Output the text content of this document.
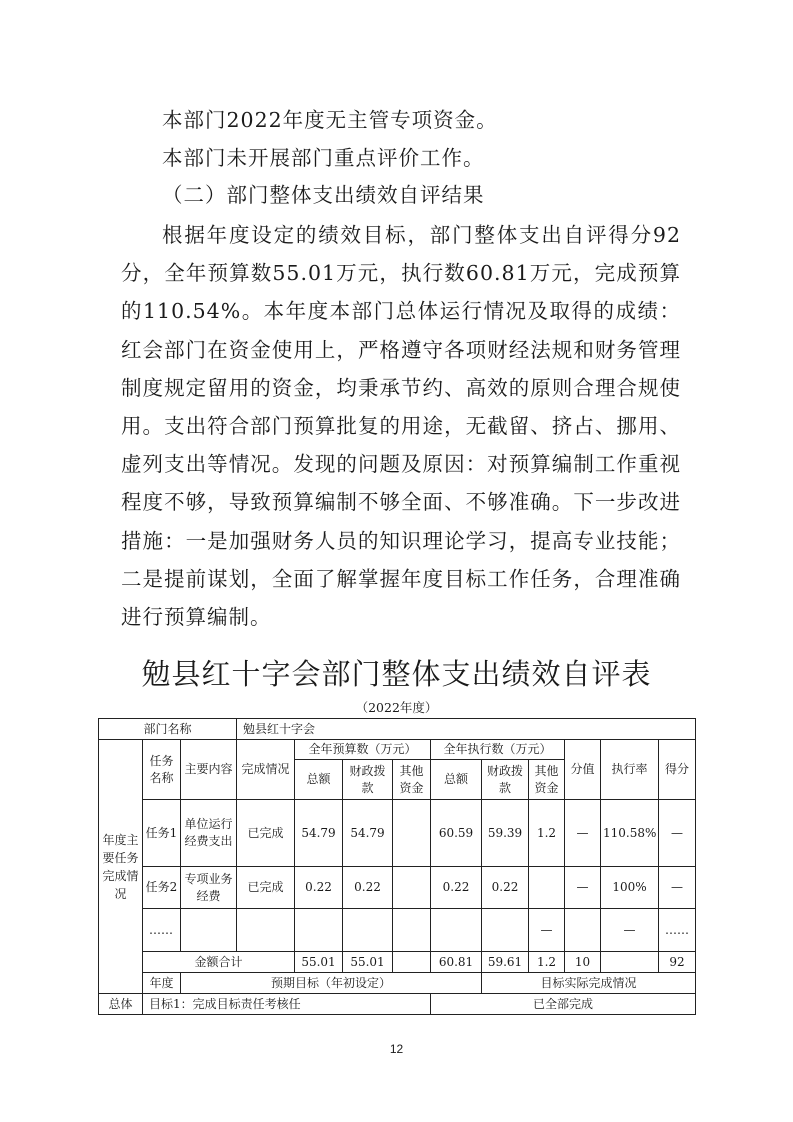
本部门2022年度无主管专项资金。
本部门未开展部门重点评价工作。
（二）部门整体支出绩效自评结果
根据年度设定的绩效目标，部门整体支出自评得分92分，全年预算数55.01万元，执行数60.81万元，完成预算的110.54%。本年度本部门总体运行情况及取得的成绩：红会部门在资金使用上，严格遵守各项财经法规和财务管理制度规定留用的资金，均秉承节约、高效的原则合理合规使用。支出符合部门预算批复的用途，无截留、挤占、挪用、虚列支出等情况。发现的问题及原因：对预算编制工作重视程度不够，导致预算编制不够全面、不够准确。下一步改进措施：一是加强财务人员的知识理论学习，提高专业技能；二是提前谋划，全面了解掌握年度目标工作任务，合理准确进行预算编制。
勉县红十字会部门整体支出绩效自评表
（2022年度）
部门名称			勉县红十字会									
年度主要任务完成情况	任务名称	主要内容	完成情况	全年预算数（万元）			全年执行数（万元）			分值	执行率	得分
				总额	财政拨款	其他资金	总额	财政拨款	其他资金			
	任务1	单位运行经费支出	已完成	54.79	54.79		60.59	59.39	1.2	—	110.58%	—
	任务2	专项业务经费	已完成	0.22	0.22		0.22	0.22		—	100%	—
	……								—		—	……
	金额合计			55.01	55.01		60.81	59.61	1.2	10		92
	年度	预期目标（年初设定）						目标实际完成情况				
总体	目标1：完成目标责任考核任						已全部完成					
12
